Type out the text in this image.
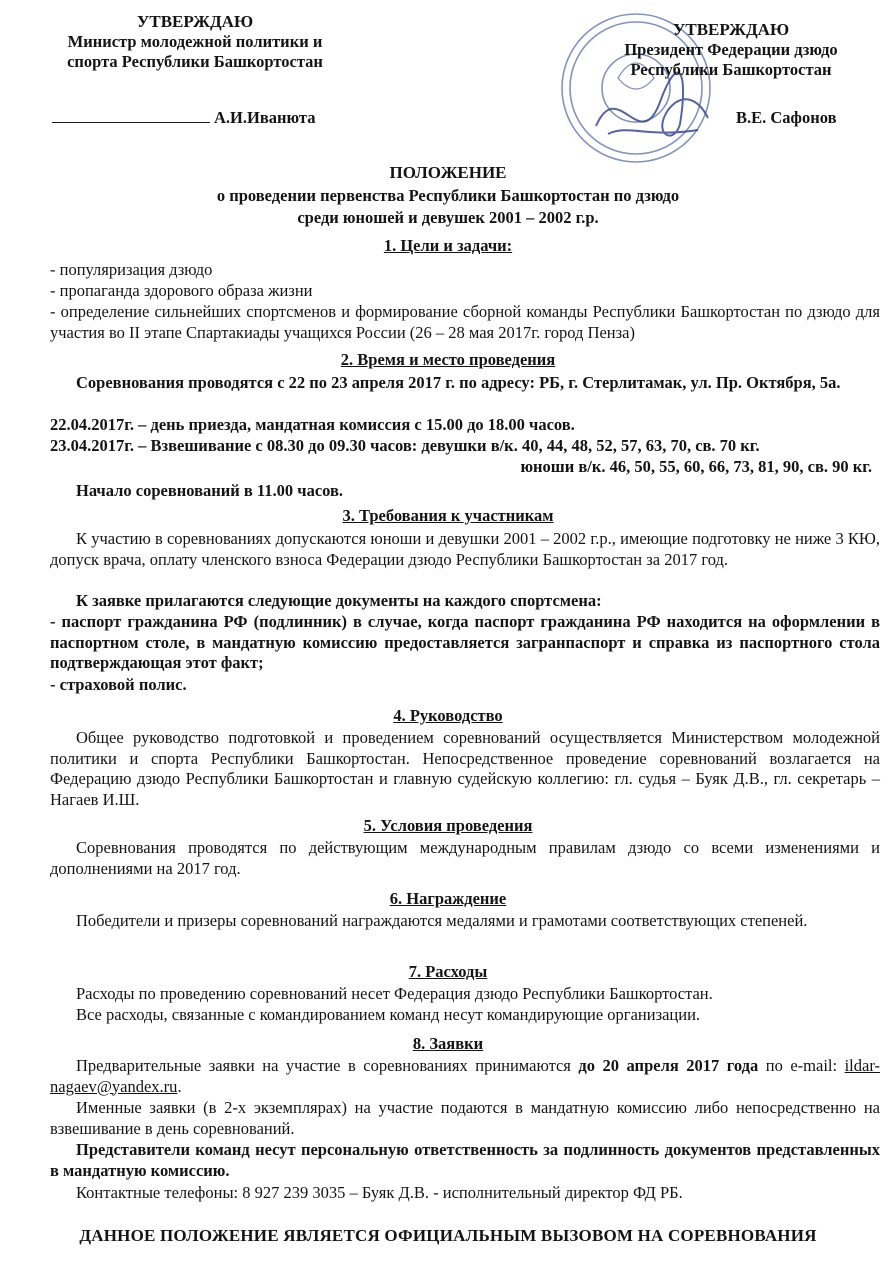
УТВЕРЖДАЮ
Министр молодежной политики и
спорта Республики Башкортостан
А.И.Иванюта
УТВЕРЖДАЮ
Президент Федерации дзюдо
Республики Башкортостан
В.Е. Сафонов
ПОЛОЖЕНИЕ
о проведении первенства Республики Башкортостан по дзюдо
среди юношей и девушек 2001 – 2002 г.р.
1. Цели и задачи:
- популяризация дзюдо
- пропаганда здорового образа жизни
- определение сильнейших спортсменов и формирование сборной команды Республики Башкортостан по дзюдо для участия во II этапе Спартакиады учащихся России (26 – 28 мая 2017г. город Пенза)
2. Время и место проведения
Соревнования проводятся с 22 по 23 апреля 2017 г. по адресу: РБ, г. Стерлитамак, ул. Пр. Октября, 5а.
22.04.2017г. – день приезда, мандатная комиссия с 15.00 до 18.00 часов.
23.04.2017г. – Взвешивание с 08.30 до 09.30 часов: девушки в/к. 40, 44, 48, 52, 57, 63, 70, св. 70 кг.
юноши в/к. 46, 50, 55, 60, 66, 73, 81, 90, св. 90 кг.
Начало соревнований в 11.00 часов.
3. Требования к участникам
К участию в соревнованиях допускаются юноши и девушки 2001 – 2002 г.р., имеющие подготовку не ниже 3 КЮ, допуск врача, оплату членского взноса Федерации дзюдо Республики Башкортостан за 2017 год.
К заявке прилагаются следующие документы на каждого спортсмена:
- паспорт гражданина РФ (подлинник) в случае, когда паспорт гражданина РФ находится на оформлении в паспортном столе, в мандатную комиссию предоставляется загранпаспорт и справка из паспортного стола подтверждающая этот факт;
- страховой полис.
4. Руководство
Общее руководство подготовкой и проведением соревнований осуществляется Министерством молодежной политики и спорта Республики Башкортостан. Непосредственное проведение соревнований возлагается на Федерацию дзюдо Республики Башкортостан и главную судейскую коллегию: гл. судья – Буяк Д.В., гл. секретарь – Нагаев И.Ш.
5. Условия проведения
Соревнования проводятся по действующим международным правилам дзюдо со всеми изменениями и дополнениями на 2017 год.
6. Награждение
Победители и призеры соревнований награждаются медалями и грамотами соответствующих степеней.
7. Расходы
Расходы по проведению соревнований несет Федерация дзюдо Республики Башкортостан.
Все расходы, связанные с командированием команд несут командирующие организации.
8. Заявки
Предварительные заявки на участие в соревнованиях принимаются до 20 апреля 2017 года по e-mail: ildar-nagaev@yandex.ru.
Именные заявки (в 2-х экземплярах) на участие подаются в мандатную комиссию либо непосредственно на взвешивание в день соревнований.
Представители команд несут персональную ответственность за подлинность документов представленных в мандатную комиссию.
Контактные телефоны: 8 927 239 3035 – Буяк Д.В. - исполнительный директор ФД РБ.
ДАННОЕ ПОЛОЖЕНИЕ ЯВЛЯЕТСЯ ОФИЦИАЛЬНЫМ ВЫЗОВОМ НА СОРЕВНОВАНИЯ
